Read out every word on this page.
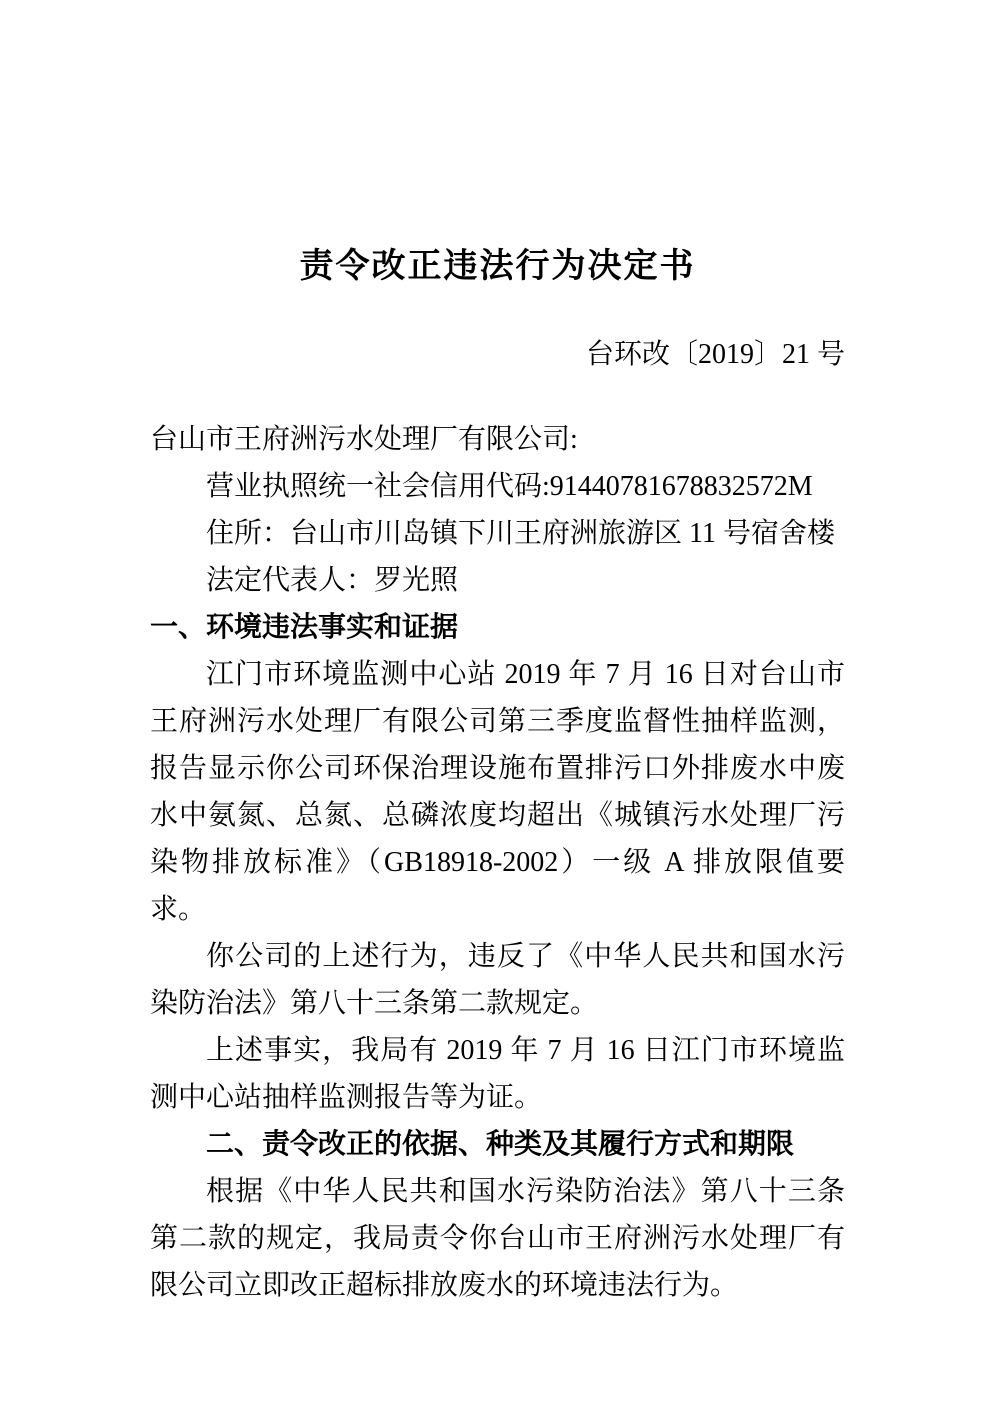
责令改正违法行为决定书
台环改〔2019〕21 号

台山市王府洲污水处理厂有限公司:

营业执照统一社会信用代码:91440781678832572M

住所：台山市川岛镇下川王府洲旅游区 11 号宿舍楼

法定代表人：罗光照

一、环境违法事实和证据

江门市环境监测中心站 2019 年 7 月 16 日对台山市王府洲污水处理厂有限公司第三季度监督性抽样监测，报告显示你公司环保治理设施布置排污口外排废水中废水中氨氮、总氮、总磷浓度均超出《城镇污水处理厂污染物排放标准》（GB18918-2002）一级 A 排放限值要求。

你公司的上述行为，违反了《中华人民共和国水污染防治法》第八十三条第二款规定。

上述事实，我局有 2019 年 7 月 16 日江门市环境监测中心站抽样监测报告等为证。

二、责令改正的依据、种类及其履行方式和期限

根据《中华人民共和国水污染防治法》第八十三条第二款的规定，我局责令你台山市王府洲污水处理厂有限公司立即改正超标排放废水的环境违法行为。
